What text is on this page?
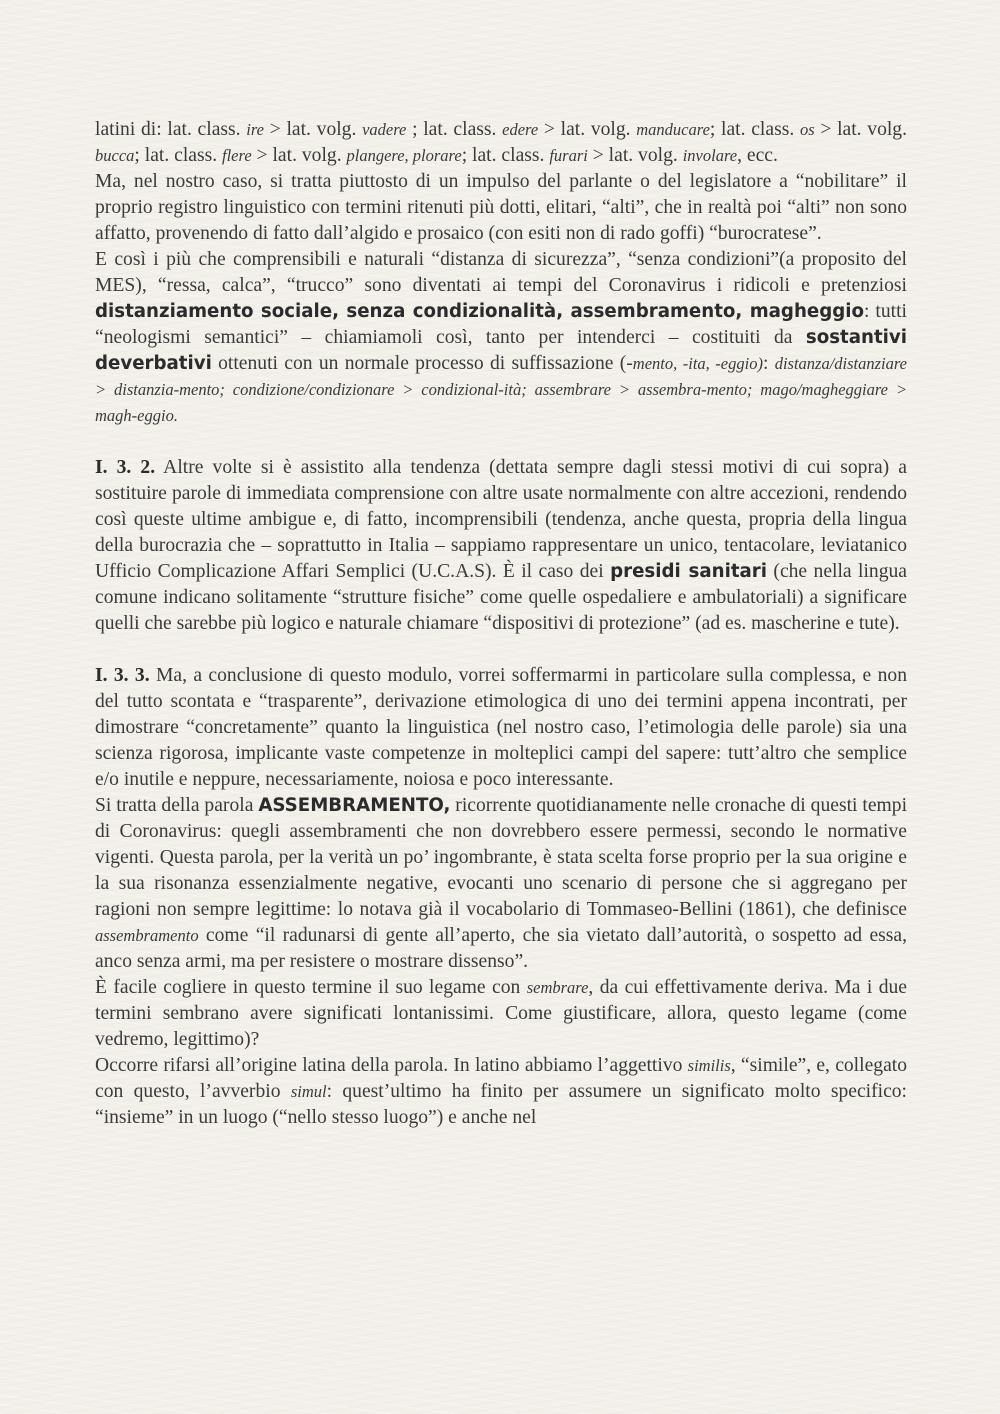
latini di: lat. class. ire > lat. volg. vadere ; lat. class. edere > lat. volg. manducare; lat. class. os > lat. volg. bucca; lat. class. flere > lat. volg. plangere, plorare; lat. class. furari > lat. volg. involare, ecc.

Ma, nel nostro caso, si tratta piuttosto di un impulso del parlante o del legislatore a “nobilitare” il proprio registro linguistico con termini ritenuti più dotti, elitari, “alti”, che in realtà poi “alti” non sono affatto, provenendo di fatto dall’algido e prosaico (con esiti non di rado goffi) “burocratese”.

E così i più che comprensibili e naturali “distanza di sicurezza”, “senza condizioni”(a proposito del MES), “ressa, calca”, “trucco” sono diventati ai tempi del Coronavirus i ridicoli e pretenziosi distanziamento sociale, senza condizionalità, assembramento, magheggio: tutti “neologismi semantici” – chiamiamoli così, tanto per intenderci – costituiti da sostantivi deverbativi ottenuti con un normale processo di suffissazione (-mento, -ita, -eggio): distanza/distanziare > distanzia-mento; condizione/condizionare > condizional-ità; assembrare > assembra-mento; mago/magheggiare > magh-eggio.

I. 3. 2. Altre volte si è assistito alla tendenza (dettata sempre dagli stessi motivi di cui sopra) a sostituire parole di immediata comprensione con altre usate normalmente con altre accezioni, rendendo così queste ultime ambigue e, di fatto, incomprensibili (tendenza, anche questa, propria della lingua della burocrazia che – soprattutto in Italia – sappiamo rappresentare un unico, tentacolare, leviatanico Ufficio Complicazione Affari Semplici (U.C.A.S). È il caso dei presidi sanitari (che nella lingua comune indicano solitamente “strutture fisiche” come quelle ospedaliere e ambulatoriali) a significare quelli che sarebbe più logico e naturale chiamare “dispositivi di protezione” (ad es. mascherine e tute).

I. 3. 3. Ma, a conclusione di questo modulo, vorrei soffermarmi in particolare sulla complessa, e non del tutto scontata e “trasparente”, derivazione etimologica di uno dei termini appena incontrati, per dimostrare “concretamente” quanto la linguistica (nel nostro caso, l’etimologia delle parole) sia una scienza rigorosa, implicante vaste competenze in molteplici campi del sapere: tutt’altro che semplice e/o inutile e neppure, necessariamente, noiosa e poco interessante.

Si tratta della parola ASSEMBRAMENTO, ricorrente quotidianamente nelle cronache di questi tempi di Coronavirus: quegli assembramenti che non dovrebbero essere permessi, secondo le normative vigenti. Questa parola, per la verità un po’ ingombrante, è stata scelta forse proprio per la sua origine e la sua risonanza essenzialmente negative, evocanti uno scenario di persone che si aggregano per ragioni non sempre legittime: lo notava già il vocabolario di Tommaseo-Bellini (1861), che definisce assembramento come “il radunarsi di gente all’aperto, che sia vietato dall’autorità, o sospetto ad essa, anco senza armi, ma per resistere o mostrare dissenso”.

È facile cogliere in questo termine il suo legame con sembrare, da cui effettivamente deriva. Ma i due termini sembrano avere significati lontanissimi. Come giustificare, allora, questo legame (come vedremo, legittimo)?

Occorre rifarsi all’origine latina della parola. In latino abbiamo l’aggettivo similis, “simile”, e, collegato con questo, l’avverbio simul: quest’ultimo ha finito per assumere un significato molto specifico: “insieme” in un luogo (“nello stesso luogo”) e anche nel
